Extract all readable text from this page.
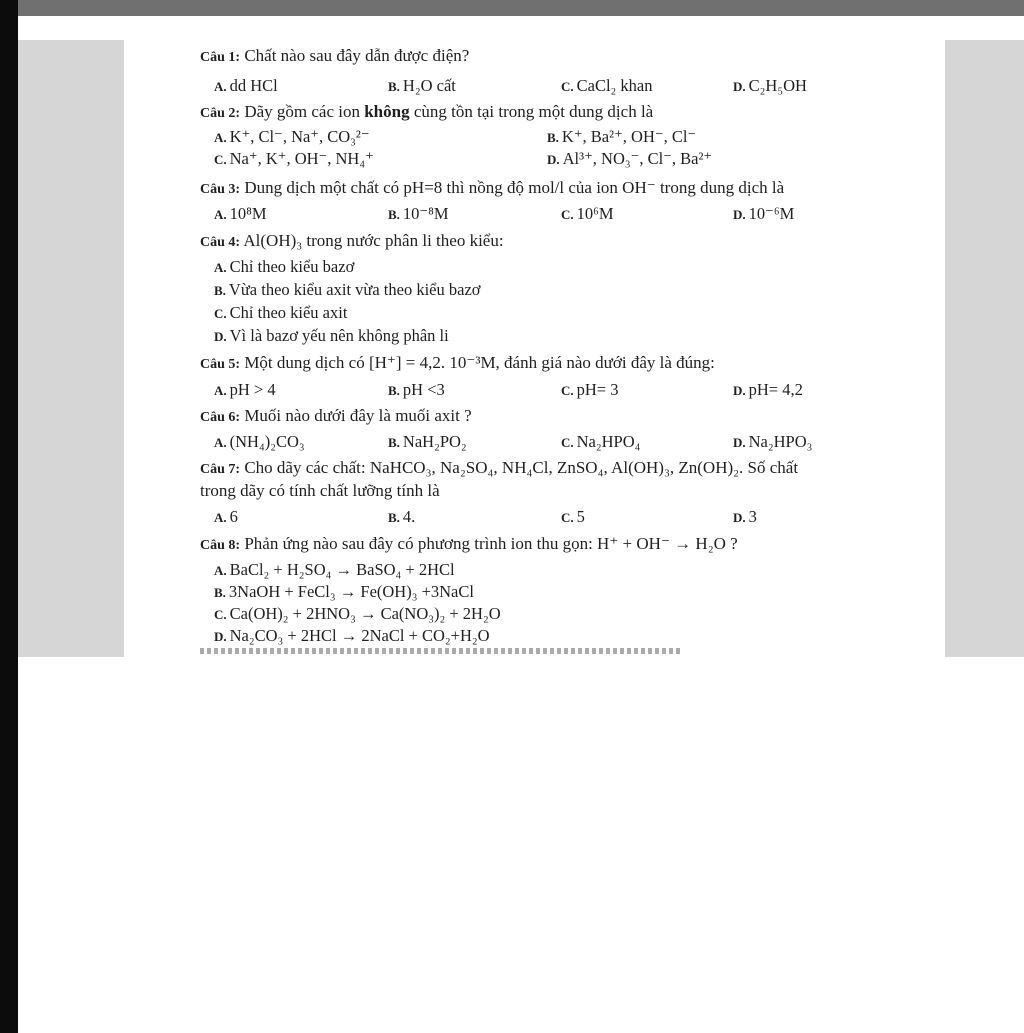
Câu 1: Chất nào sau đây dẫn được điện?
A. dd HCl	B. H₂O cất	C. CaCl₂ khan	D. C₂H₅OH
Câu 2: Dãy gồm các ion không cùng tồn tại trong một dung dịch là
A. K⁺, Cl⁻, Na⁺, CO₃²⁻	B. K⁺, Ba²⁺, OH⁻, Cl⁻
C. Na⁺, K⁺, OH⁻, NH₄⁺	D. Al³⁺, NO₃⁻, Cl⁻, Ba²⁺
Câu 3: Dung dịch một chất có pH=8 thì nồng độ mol/l của ion OH⁻ trong dung dịch là
A. 10⁸M	B. 10⁻⁸M	C. 10⁶M	D. 10⁻⁶M
Câu 4: Al(OH)₃ trong nước phân li theo kiểu:
A. Chỉ theo kiểu bazơ
B. Vừa theo kiểu axit vừa theo kiểu bazơ
C. Chỉ theo kiểu axit
D. Vì là bazơ yếu nên không phân li
Câu 5: Một dung dịch có [H⁺] = 4,2. 10⁻³M, đánh giá nào dưới đây là đúng:
A. pH > 4	B. pH <3	C. pH= 3	D. pH= 4,2
Câu 6: Muối nào dưới đây là muối axit ?
A. (NH₄)₂CO₃	B. NaH₂PO₂	C. Na₂HPO₄	D. Na₂HPO₃
Câu 7: Cho dãy các chất: NaHCO₃, Na₂SO₄, NH₄Cl, ZnSO₄, Al(OH)₃, Zn(OH)₂. Số chất
trong dãy có tính chất lưỡng tính là
A. 6	B. 4.	C. 5	D. 3
Câu 8: Phản ứng nào sau đây có phương trình ion thu gọn: H⁺ + OH⁻ → H₂O ?
A. BaCl₂ + H₂SO₄ → BaSO₄ + 2HCl
B. 3NaOH + FeCl₃ → Fe(OH)₃ +3NaCl
C. Ca(OH)₂ + 2HNO₃ → Ca(NO₃)₂ + 2H₂O
D. Na₂CO₃ + 2HCl → 2NaCl + CO₂+H₂O
